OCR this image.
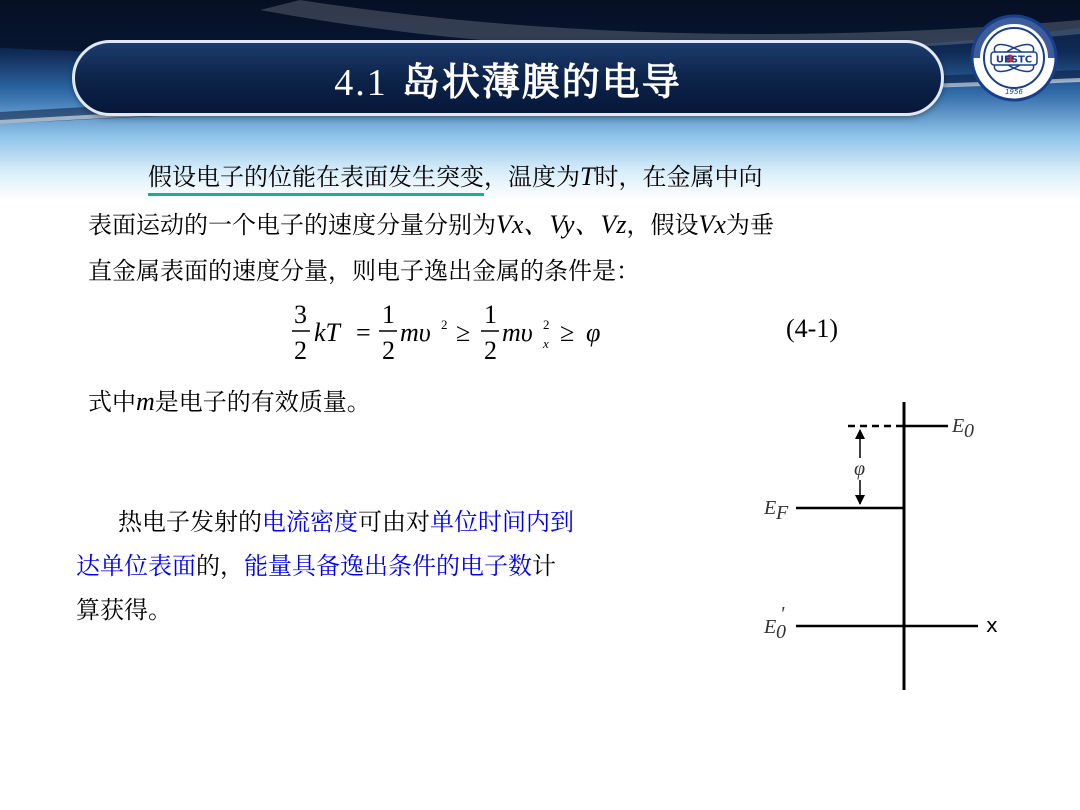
4.1 岛状薄膜的电导	UESTC
1956
假设电子的位能在表面发生突变，温度为T时，在金属中向
表面运动的一个电子的速度分量分别为Vx、Vy、Vz，假设Vx为垂
直金属表面的速度分量，则电子逸出金属的条件是：
式中m是电子的有效质量。
3
2
kT =
1
2
mυ 2 ≥
1
2
mυ 2
x ≥ φ	(4-1)
热电子发射的电流密度可由对单位时间内到
达单位表面的，能量具备逸出条件的电子数计
算获得。
E 0
E F
φ
E 0
'	x
